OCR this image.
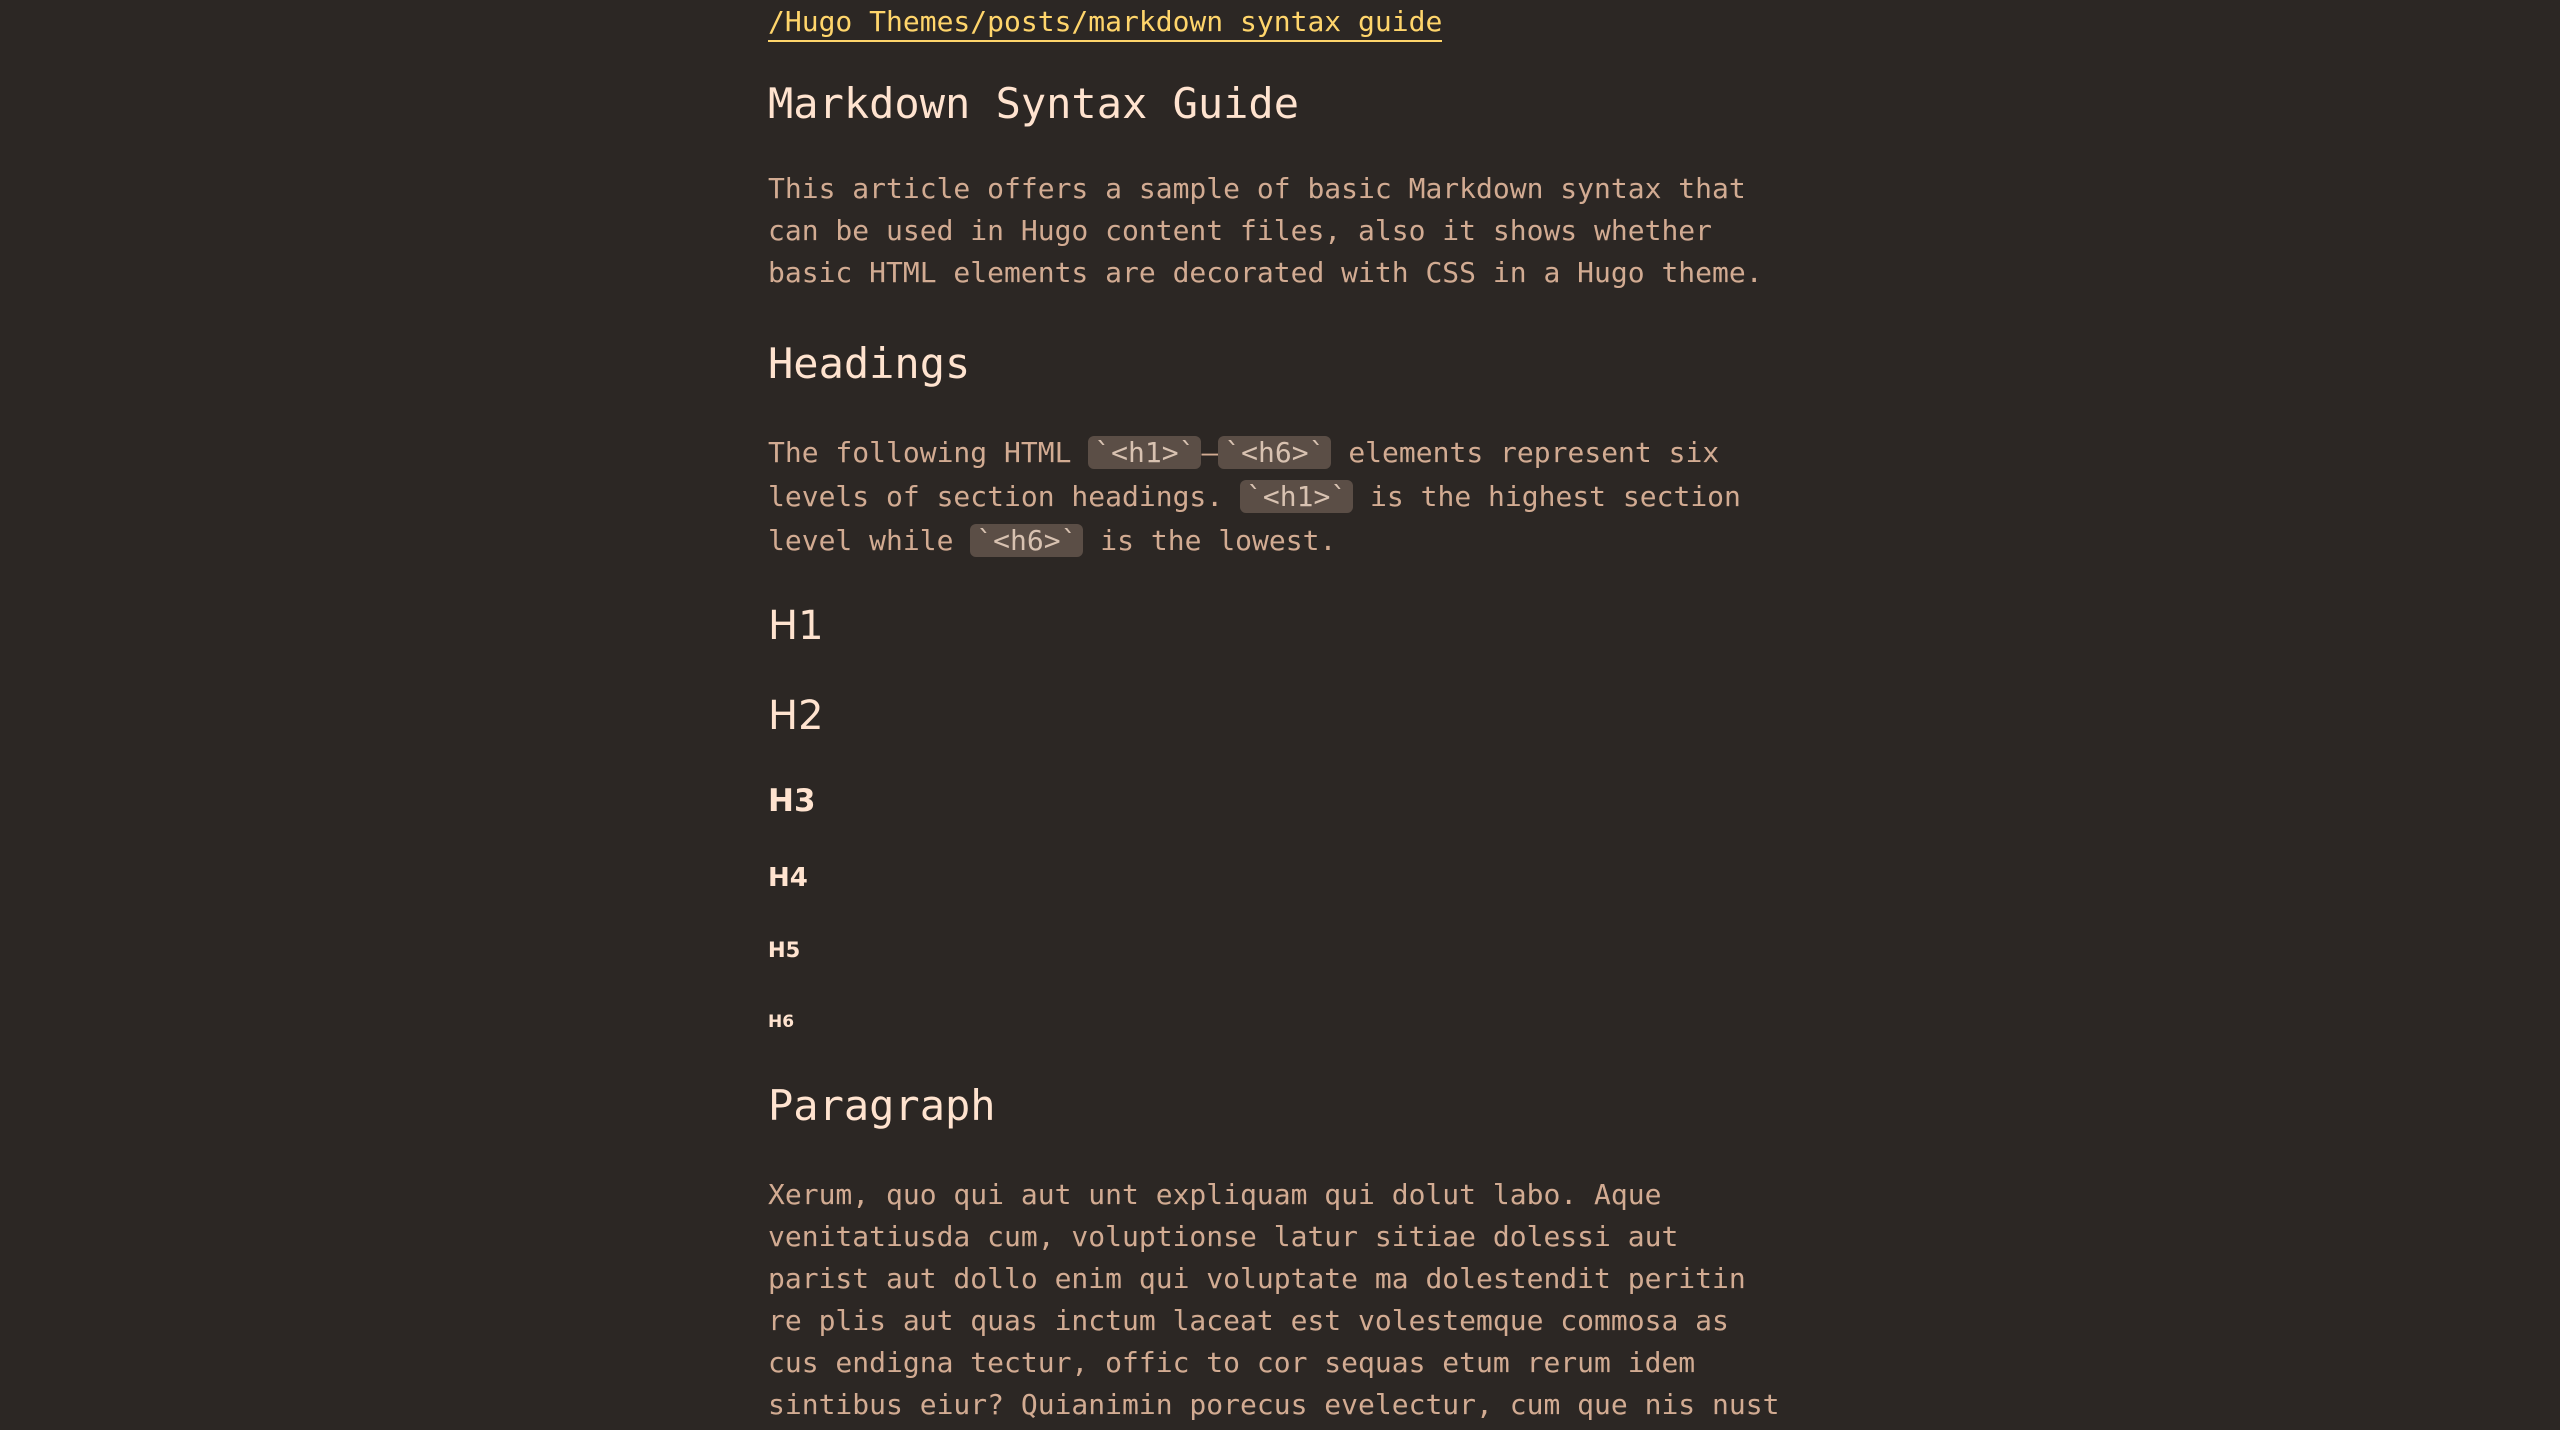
/Hugo Themes/posts/markdown syntax guide
Markdown Syntax Guide

This article offers a sample of basic Markdown syntax that

can be used in Hugo content files, also it shows whether

basic HTML elements are decorated with CSS in a Hugo theme.

Headings

The following HTML `<h1>` — `<h6>` elements represent six

levels of section headings. `<h1>` is the highest section

level while `<h6>` is the lowest.

H1
H2
H3
H4
H5
H6
Paragraph

Xerum, quo qui aut unt expliquam qui dolut labo. Aque

venitatiusda cum, voluptionse latur sitiae dolessi aut

parist aut dollo enim qui voluptate ma dolestendit peritin

re plis aut quas inctum laceat est volestemque commosa as

cus endigna tectur, offic to cor sequas etum rerum idem

sintibus eiur? Quianimin porecus evelectur, cum que nis nust
